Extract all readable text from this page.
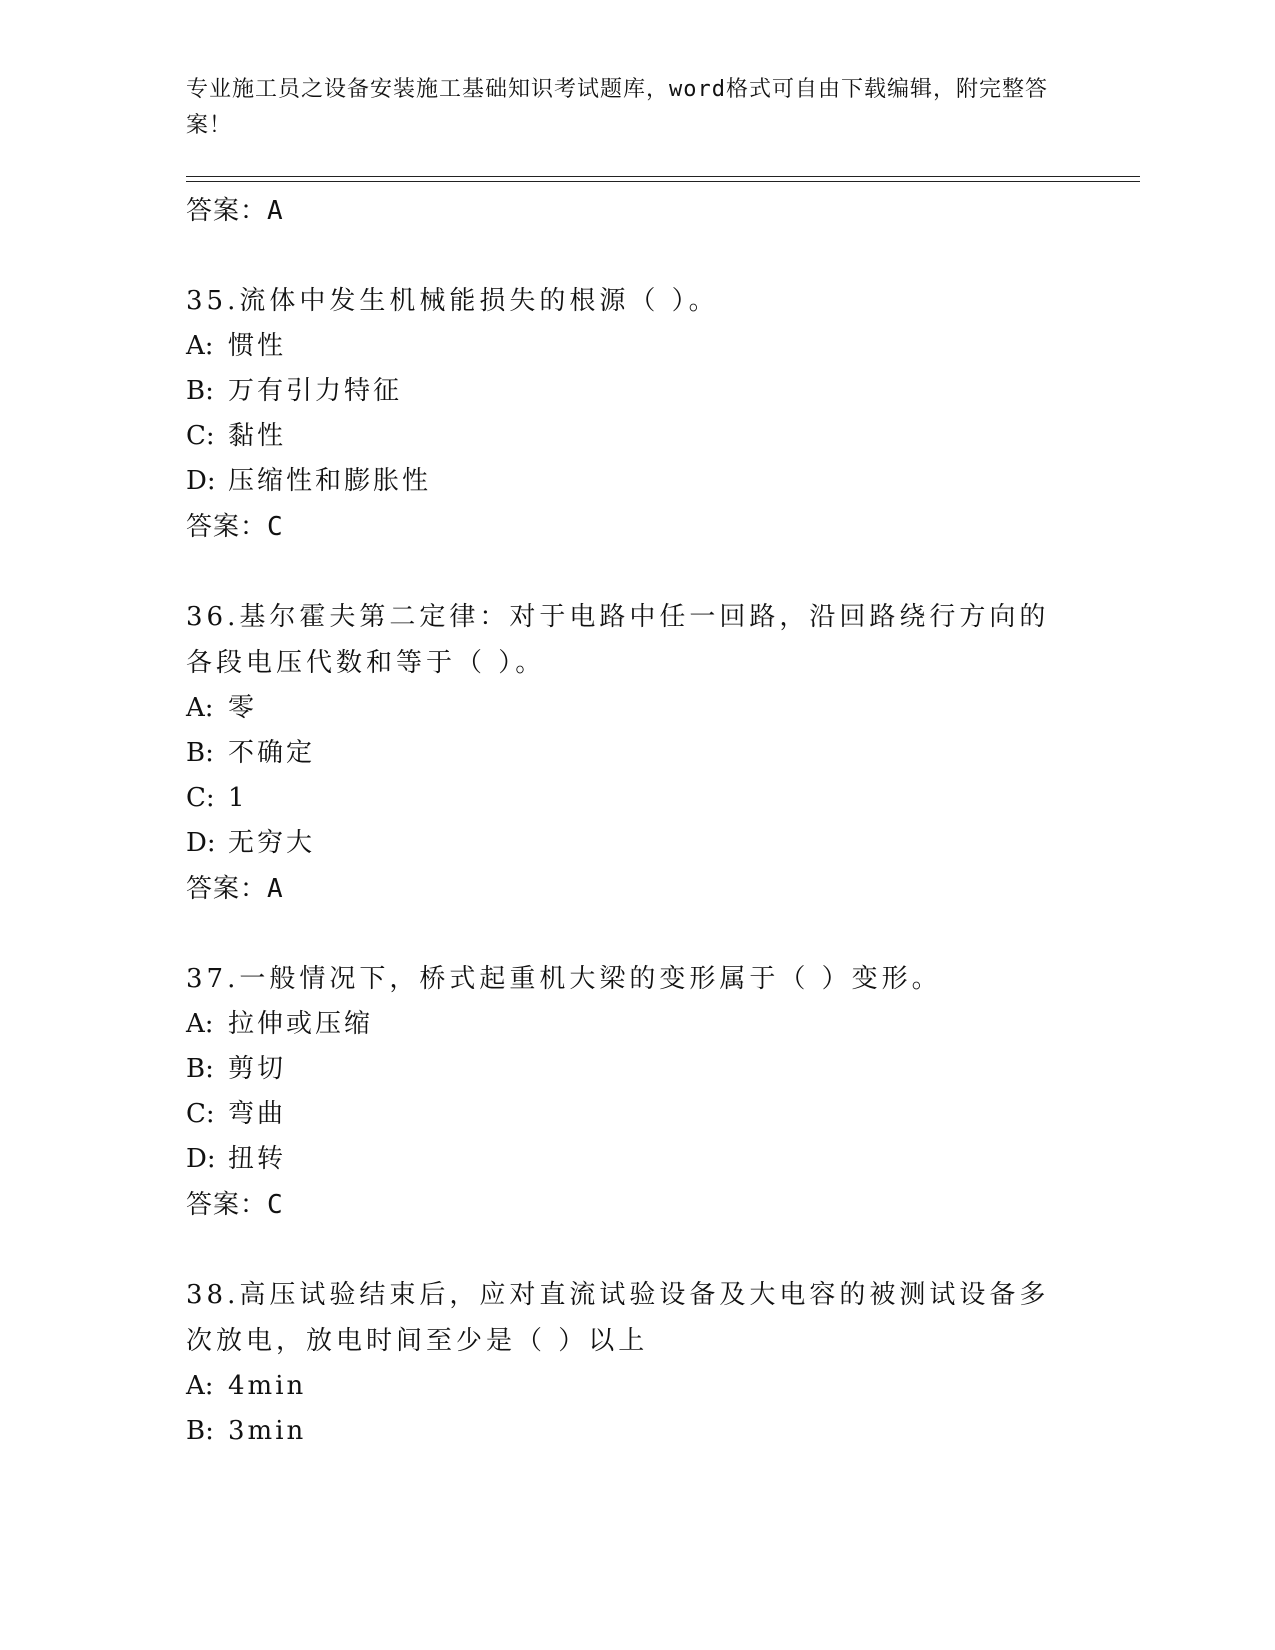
专业施工员之设备安装施工基础知识考试题库，word格式可自由下载编辑，附完整答案！
答案：A
35.流体中发生机械能损失的根源（ ）。
A: 惯性
B: 万有引力特征
C: 黏性
D: 压缩性和膨胀性
答案：C
36.基尔霍夫第二定律：对于电路中任一回路，沿回路绕行方向的各段电压代数和等于（ ）。
A: 零
B: 不确定
C: 1
D: 无穷大
答案：A
37.一般情况下，桥式起重机大梁的变形属于（ ）变形。
A: 拉伸或压缩
B: 剪切
C: 弯曲
D: 扭转
答案：C
38.高压试验结束后，应对直流试验设备及大电容的被测试设备多次放电，放电时间至少是（ ）以上
A: 4min
B: 3min
